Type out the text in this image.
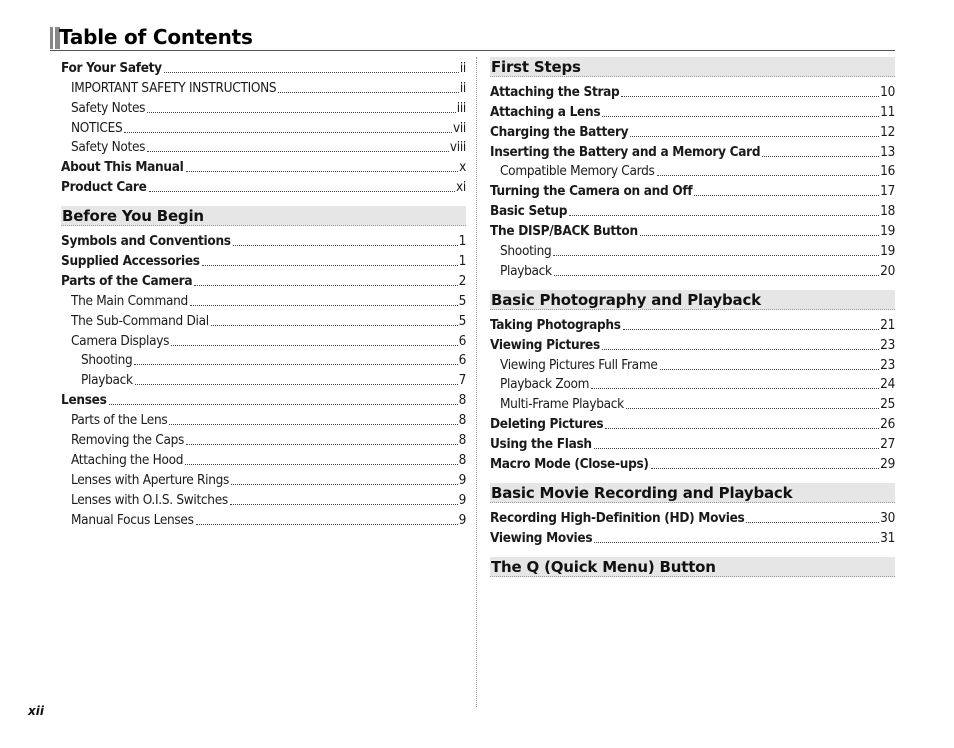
Table of Contents
For Your Safety	ii
IMPORTANT SAFETY INSTRUCTIONS	ii
Safety Notes	iii
NOTICES	vii
Safety Notes	viii
About This Manual	x
Product Care	xi
Before You Begin
Symbols and Conventions	1
Supplied Accessories	1
Parts of the Camera	2
The Main Command	5
The Sub-Command Dial	5
Camera Displays	6
Shooting	6
Playback	7
Lenses	8
Parts of the Lens	8
Removing the Caps	8
Attaching the Hood	8
Lenses with Aperture Rings	9
Lenses with O.I.S. Switches	9
Manual Focus Lenses	9
First Steps
Attaching the Strap	10
Attaching a Lens	11
Charging the Battery	12
Inserting the Battery and a Memory Card	13
Compatible Memory Cards	16
Turning the Camera on and Off	17
Basic Setup	18
The DISP/BACK Button	19
Shooting	19
Playback	20
Basic Photography and Playback
Taking Photographs	21
Viewing Pictures	23
Viewing Pictures Full Frame	23
Playback Zoom	24
Multi-Frame Playback	25
Deleting Pictures	26
Using the Flash	27
Macro Mode (Close-ups)	29
Basic Movie Recording and Playback
Recording High-Definition (HD) Movies	30
Viewing Movies	31
The Q (Quick Menu) Button
xii
